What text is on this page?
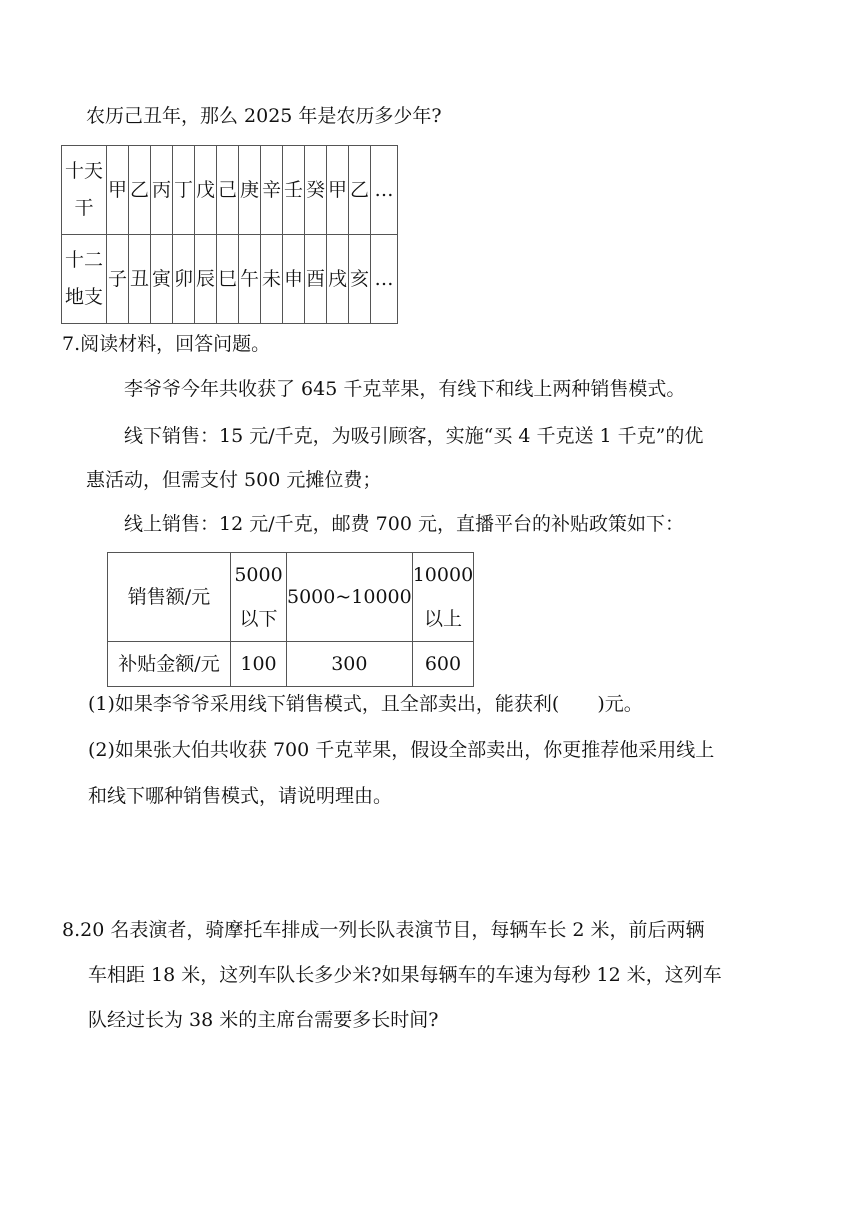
农历己丑年，那么 2025 年是农历多少年?
十天干	甲	乙	丙	丁	戊	己	庚	辛	壬	癸	甲	乙	…
十二地支	子	丑	寅	卯	辰	巳	午	未	申	酉	戌	亥	…
7.阅读材料，回答问题。
李爷爷今年共收获了 645 千克苹果，有线下和线上两种销售模式。
线下销售：15 元/千克，为吸引顾客，实施“买 4 千克送 1 千克”的优
惠活动，但需支付 500 元摊位费；
线上销售：12 元/千克，邮费 700 元，直播平台的补贴政策如下：
销售额/元	5000以下	5000~10000	10000以上
补贴金额/元	100	300	600
(1)如果李爷爷采用线下销售模式，且全部卖出，能获利(　　)元。
(2)如果张大伯共收获 700 千克苹果，假设全部卖出，你更推荐他采用线上
和线下哪种销售模式，请说明理由。
8.20 名表演者，骑摩托车排成一列长队表演节目，每辆车长 2 米，前后两辆
车相距 18 米，这列车队长多少米?如果每辆车的车速为每秒 12 米，这列车
队经过长为 38 米的主席台需要多长时间?
